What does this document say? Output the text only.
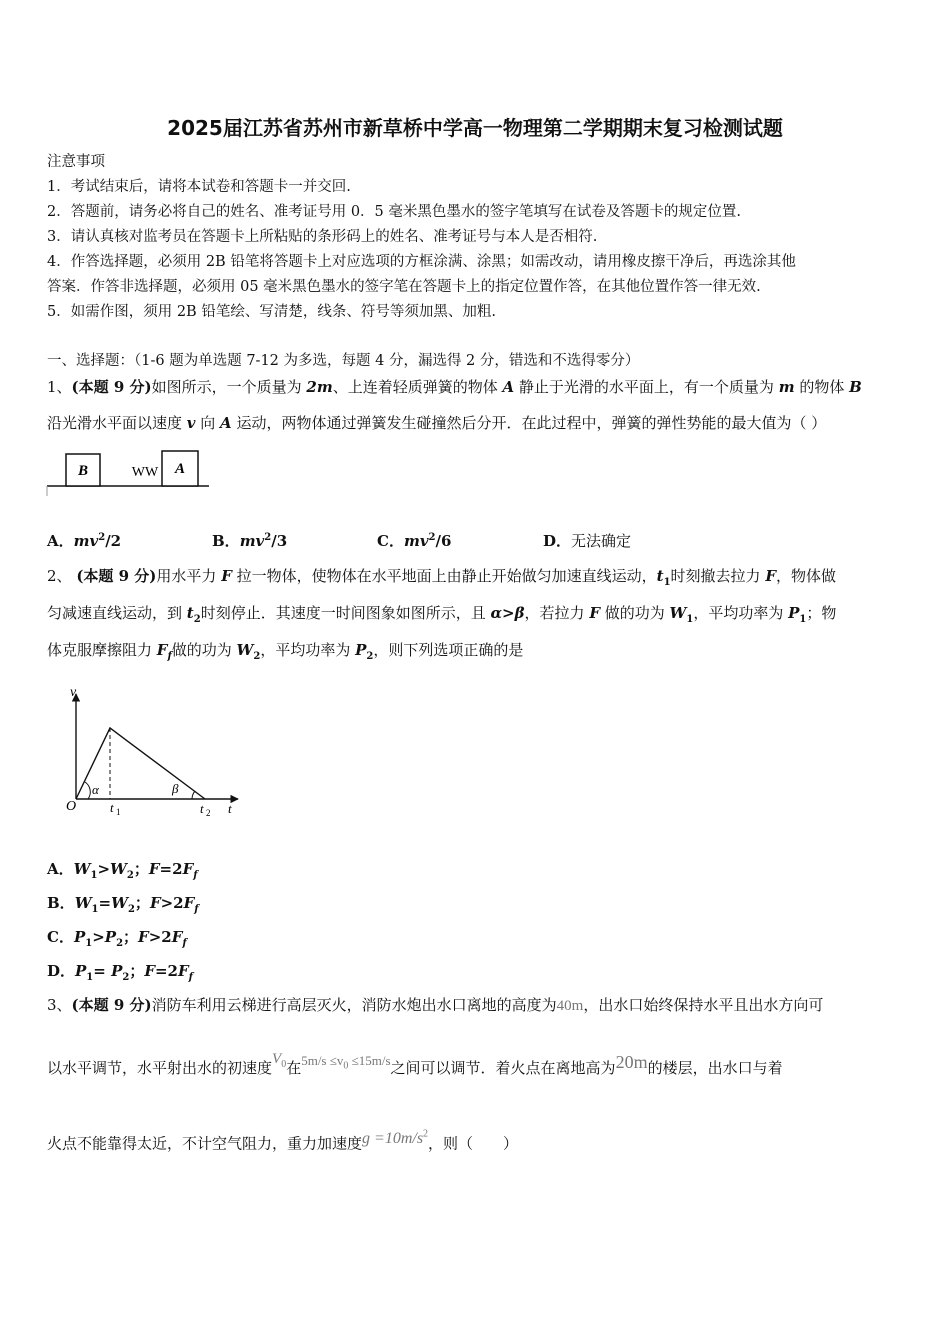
2025届江苏省苏州市新草桥中学高一物理第二学期期末复习检测试题
注意事项
1．考试结束后，请将本试卷和答题卡一并交回.
2．答题前，请务必将自己的姓名、准考证号用 0．5 毫米黑色墨水的签字笔填写在试卷及答题卡的规定位置.
3．请认真核对监考员在答题卡上所粘贴的条形码上的姓名、准考证号与本人是否相符.
4．作答选择题，必须用 2B 铅笔将答题卡上对应选项的方框涂满、涂黑；如需改动，请用橡皮擦干净后，再选涂其他
答案．作答非选择题，必须用 05 毫米黑色墨水的签字笔在答题卡上的指定位置作答，在其他位置作答一律无效.
5．如需作图，须用 2B 铅笔绘、写清楚，线条、符号等须加黑、加粗.
一、选择题：（1-6 题为单选题 7-12 为多选，每题 4 分，漏选得 2 分，错选和不选得零分）
1、(本题 9 分)如图所示，一个质量为 2m、上连着轻质弹簧的物体 A 静止于光滑的水平面上，有一个质量为 m 的物体 B
沿光滑水平面以速度 v 向 A 运动，两物体通过弹簧发生碰撞然后分开．在此过程中，弹簧的弹性势能的最大值为（ ）
B	WW A
A．$mv^2/2$	B．$mv^2/3$	C．$mv^2/6$	D．无法确定
2、 (本题 9 分)用水平力 F 拉一物体，使物体在水平地面上由静止开始做匀加速直线运动，$t_1$时刻撤去拉力 F，物体做
匀减速直线运动，到 $t_2$时刻停止．其速度一时间图象如图所示，且 α>β，若拉力 F 做的功为 $W_1$，平均功率为 $P_1$；物
体克服摩擦阻力 $F_f$做的功为 $W_2$，平均功率为 $P_2$，则下列选项正确的是
v
O
α	β
t 1	t 2 t
A．$W_1>W_2$；$F=2F_f$
B．$W_1=W_2$；$F>2F_f$
C．$P_1>P_2$；$F>2F_f$
D．$P_1= P_2$；$F=2F_f$
3、(本题 9 分)消防车利用云梯进行高层灭火，消防水炮出水口离地的高度为40m，出水口始终保持水平且出水方向可
以水平调节，水平射出水的初速度$V_0$在$5m/s \le v_0 \le 15m/s$之间可以调节．着火点在离地高为20m的楼层，出水口与着
火点不能靠得太近，不计空气阻力，重力加速度$g =10m/s^2$，则（　　）
